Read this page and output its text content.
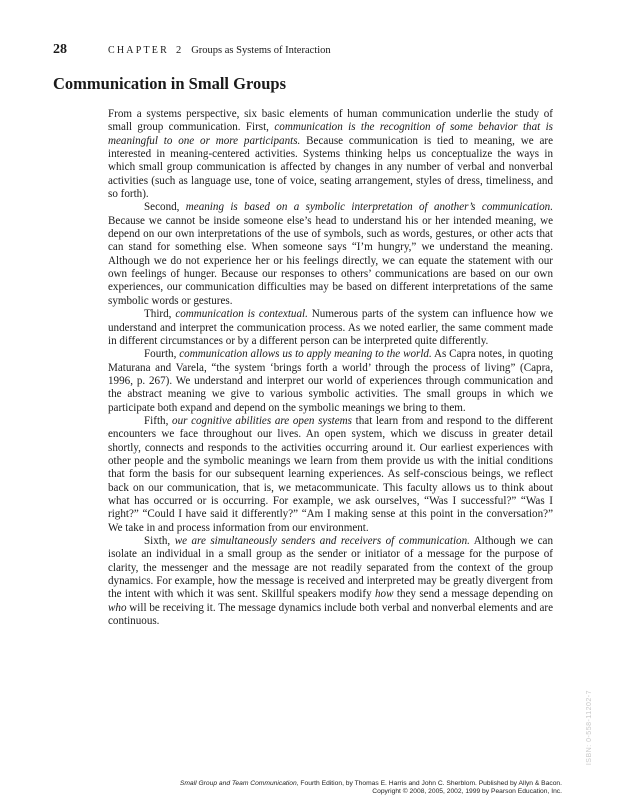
28	CHAPTER 2 Groups as Systems of Interaction
Communication in Small Groups

From a systems perspective, six basic elements of human communication underlie the study of small group communication. First, communication is the recognition of some behavior that is meaningful to one or more participants. Because communication is tied to meaning, we are interested in meaning-centered activities. Systems thinking helps us conceptualize the ways in which small group communication is affected by changes in any number of verbal and nonverbal activities (such as language use, tone of voice, seating arrangement, styles of dress, timeliness, and so forth).

Second, meaning is based on a symbolic interpretation of another’s communication. Because we cannot be inside someone else’s head to understand his or her intended meaning, we depend on our own interpretations of the use of symbols, such as words, gestures, or other acts that can stand for something else. When someone says “I’m hungry,” we understand the meaning. Although we do not experience her or his feelings directly, we can equate the statement with our own feelings of hunger. Because our responses to others’ communications are based on our own experiences, our communication difficulties may be based on different interpretations of the same symbolic words or gestures.

Third, communication is contextual. Numerous parts of the system can influence how we understand and interpret the communication process. As we noted earlier, the same comment made in different circumstances or by a different person can be interpreted quite differently.

Fourth, communication allows us to apply meaning to the world. As Capra notes, in quoting Maturana and Varela, “the system ‘brings forth a world’ through the process of living” (Capra, 1996, p. 267). We understand and interpret our world of experiences through communication and the abstract meaning we give to various symbolic activities. The small groups in which we participate both expand and depend on the symbolic meanings we bring to them.

Fifth, our cognitive abilities are open systems that learn from and respond to the different encounters we face throughout our lives. An open system, which we discuss in greater detail shortly, connects and responds to the activities occurring around it. Our earliest experiences with other people and the symbolic meanings we learn from them provide us with the initial conditions that form the basis for our subsequent learning experiences. As self-conscious beings, we reflect back on our communication, that is, we metacommunicate. This faculty allows us to think about what has occurred or is occurring. For example, we ask ourselves, “Was I successful?” “Was I right?” “Could I have said it differently?” “Am I making sense at this point in the conversation?” We take in and process information from our environment.

Sixth, we are simultaneously senders and receivers of communication. Although we can isolate an individual in a small group as the sender or initiator of a message for the purpose of clarity, the messenger and the message are not readily separated from the context of the group dynamics. For example, how the message is received and interpreted may be greatly divergent from the intent with which it was sent. Skillful speakers modify how they send a message depending on who will be receiving it. The message dynamics include both verbal and nonverbal elements and are continuous.

ISBN: 0-558-11202-7
Small Group and Team Communication, Fourth Edition, by Thomas E. Harris and John C. Sherblom. Published by Allyn & Bacon.
Copyright © 2008, 2005, 2002, 1999 by Pearson Education, Inc.
